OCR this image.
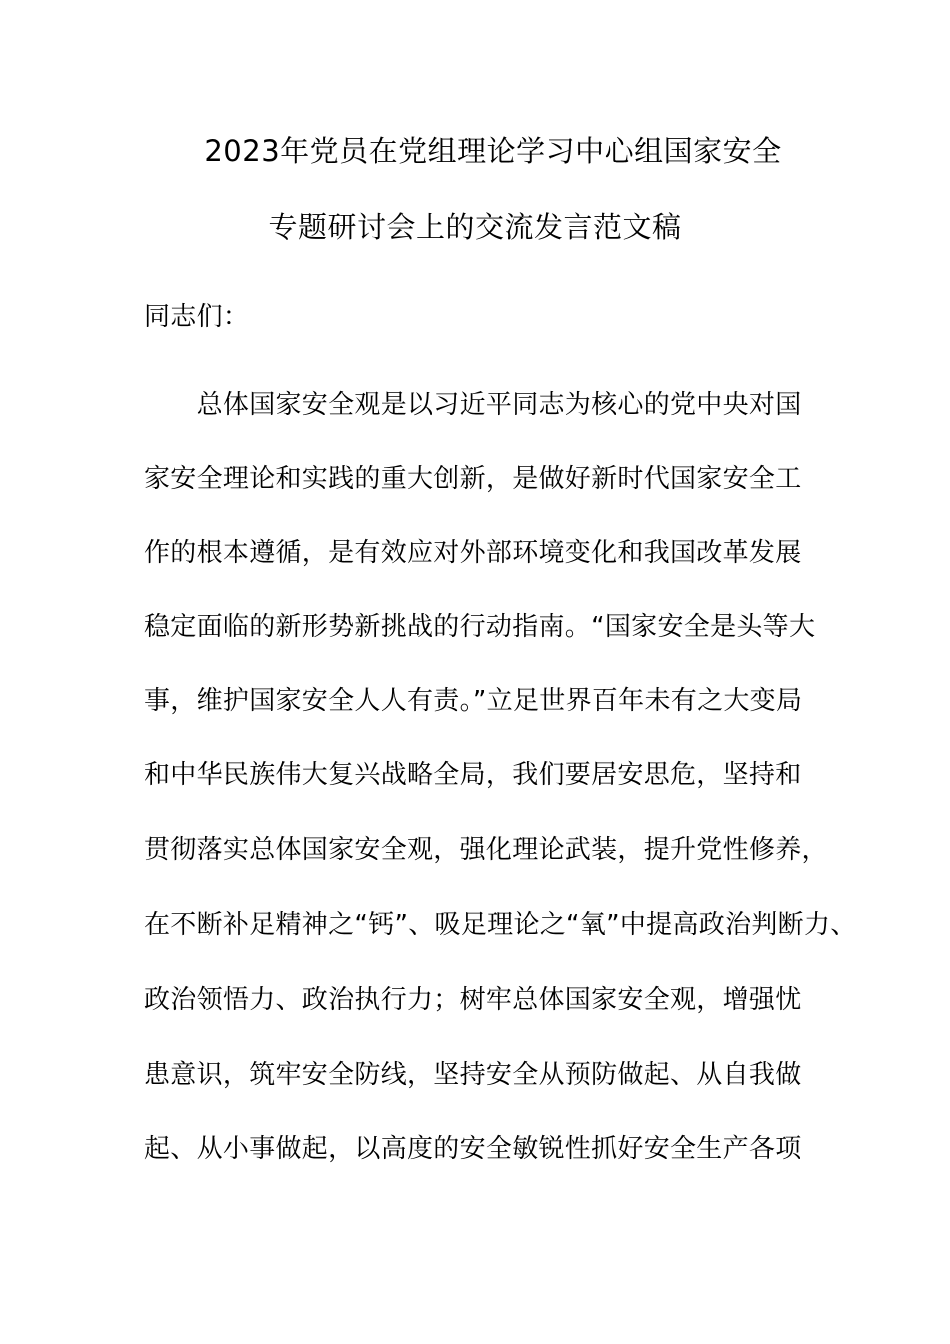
2023年党员在党组理论学习中心组国家安全
专题研讨会上的交流发言范文稿
同志们：
　　总体国家安全观是以习近平同志为核心的党中央对国
家安全理论和实践的重大创新，是做好新时代国家安全工
作的根本遵循，是有效应对外部环境变化和我国改革发展
稳定面临的新形势新挑战的行动指南。“国家安全是头等大
事，维护国家安全人人有责。”立足世界百年未有之大变局
和中华民族伟大复兴战略全局，我们要居安思危，坚持和
贯彻落实总体国家安全观，强化理论武装，提升党性修养，
在不断补足精神之“钙”、吸足理论之“氧”中提高政治判断力、
政治领悟力、政治执行力；树牢总体国家安全观，增强忧
患意识，筑牢安全防线，坚持安全从预防做起、从自我做
起、从小事做起，以高度的安全敏锐性抓好安全生产各项
